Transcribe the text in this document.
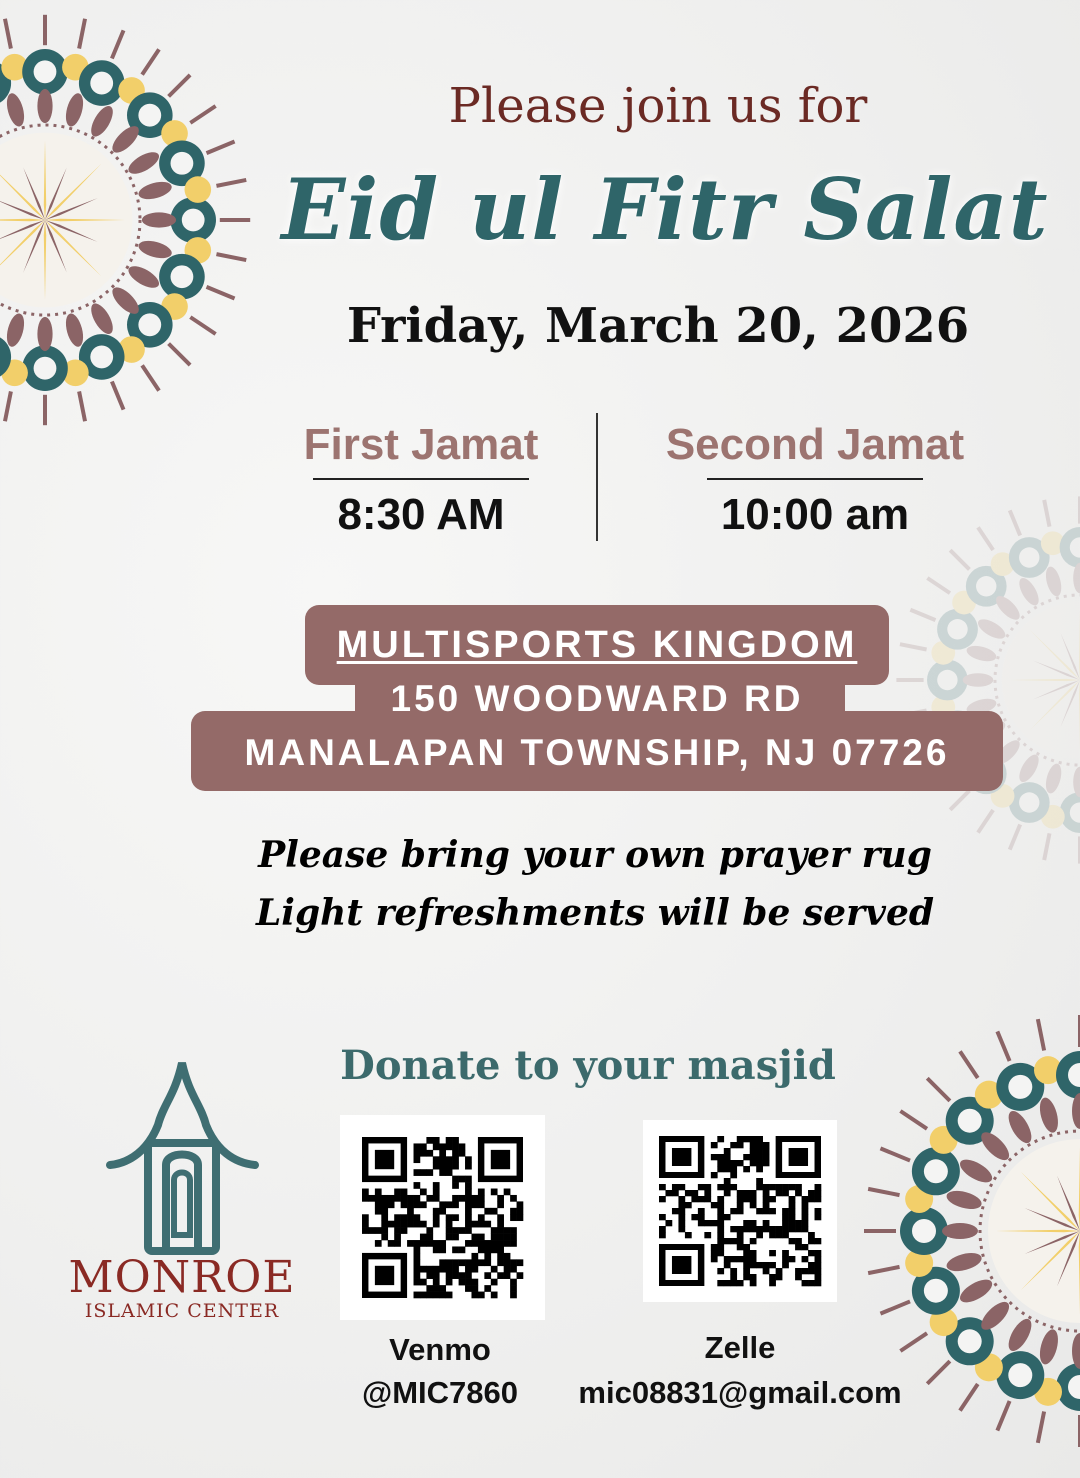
Please join us for
Eid ul Fitr Salat
Friday, March 20, 2026
First Jamat
8:30 AM
Second Jamat
10:00 am
MULTISPORTS KINGDOM
150 WOODWARD RD
MANALAPAN TOWNSHIP, NJ 07726
Please bring your own prayer rug
Light refreshments will be served
Donate to your masjid
Venmo
@MIC7860
Zelle
mic08831@gmail.com
MONROE
ISLAMIC CENTER
